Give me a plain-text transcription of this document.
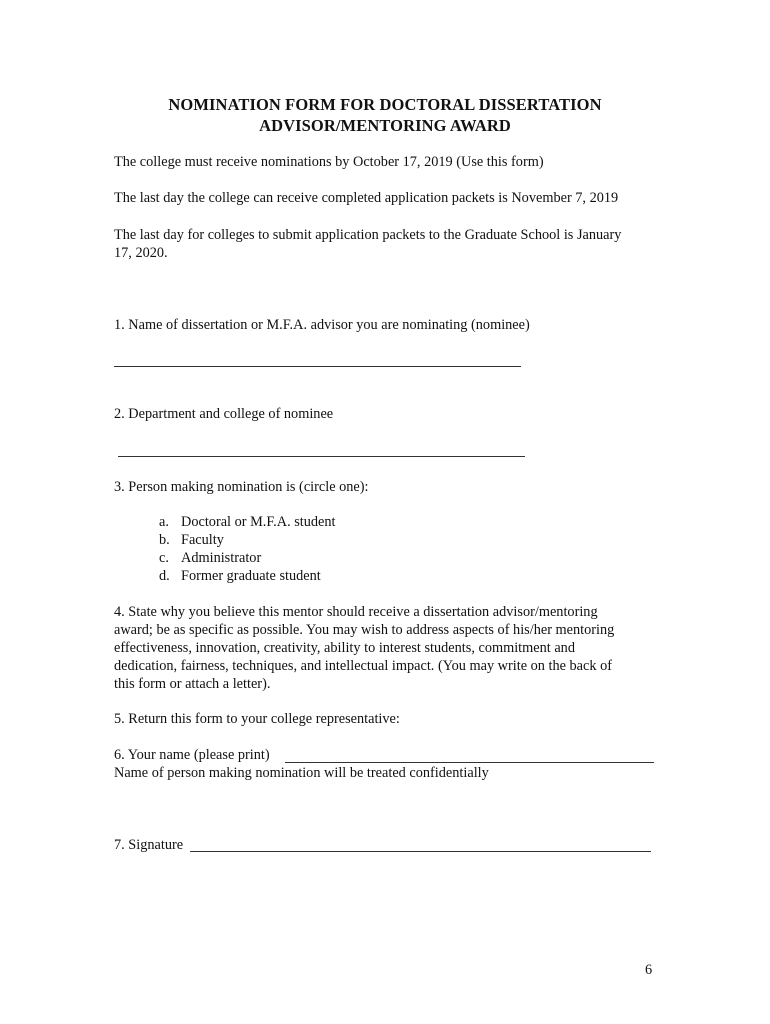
NOMINATION FORM FOR DOCTORAL DISSERTATION
ADVISOR/MENTORING AWARD
The college must receive nominations by October 17, 2019 (Use this form)
The last day the college can receive completed application packets is November 7, 2019
The last day for colleges to submit application packets to the Graduate School is January
17, 2020.
1. Name of dissertation or M.F.A. advisor you are nominating (nominee)
2. Department and college of nominee
3. Person making nomination is (circle one):
a. Doctoral or M.F.A. student
b. Faculty
c. Administrator
d. Former graduate student
4. State why you believe this mentor should receive a dissertation advisor/mentoring
award; be as specific as possible. You may wish to address aspects of his/her mentoring
effectiveness, innovation, creativity, ability to interest students, commitment and
dedication, fairness, techniques, and intellectual impact. (You may write on the back of
this form or attach a letter).
5. Return this form to your college representative:
6. Your name (please print)
Name of person making nomination will be treated confidentially
7. Signature
6
